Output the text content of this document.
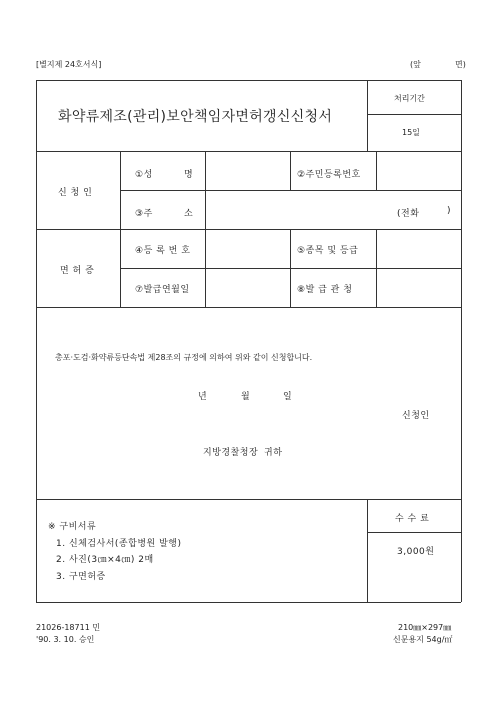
[별지제 24호서식]	(앞	면)
화약류제조(관리)보안책임자면허갱신신청서
처리기간
15일
신 청 인
①성	명	②주민등록번호
③주	소	(전화	)
면 허 증
④등 록 번 호	⑤종목 및 등급
⑦발급연월일	⑧발 급 관 청
총포·도검·화약류등단속법 제28조의 규정에 의하여 위와 같이 신청합니다.
년	월	일
신청인
지방경찰청장 귀하
※ 구비서류
1. 신체검사서(종합병원 발행)
2. 사진(3㎝×4㎝) 2매
3. 구면허증
수 수 료
3,000원
21026-18711 민
'90. 3. 10. 승인
210㎜×297㎜
신문용지 54g/㎡
